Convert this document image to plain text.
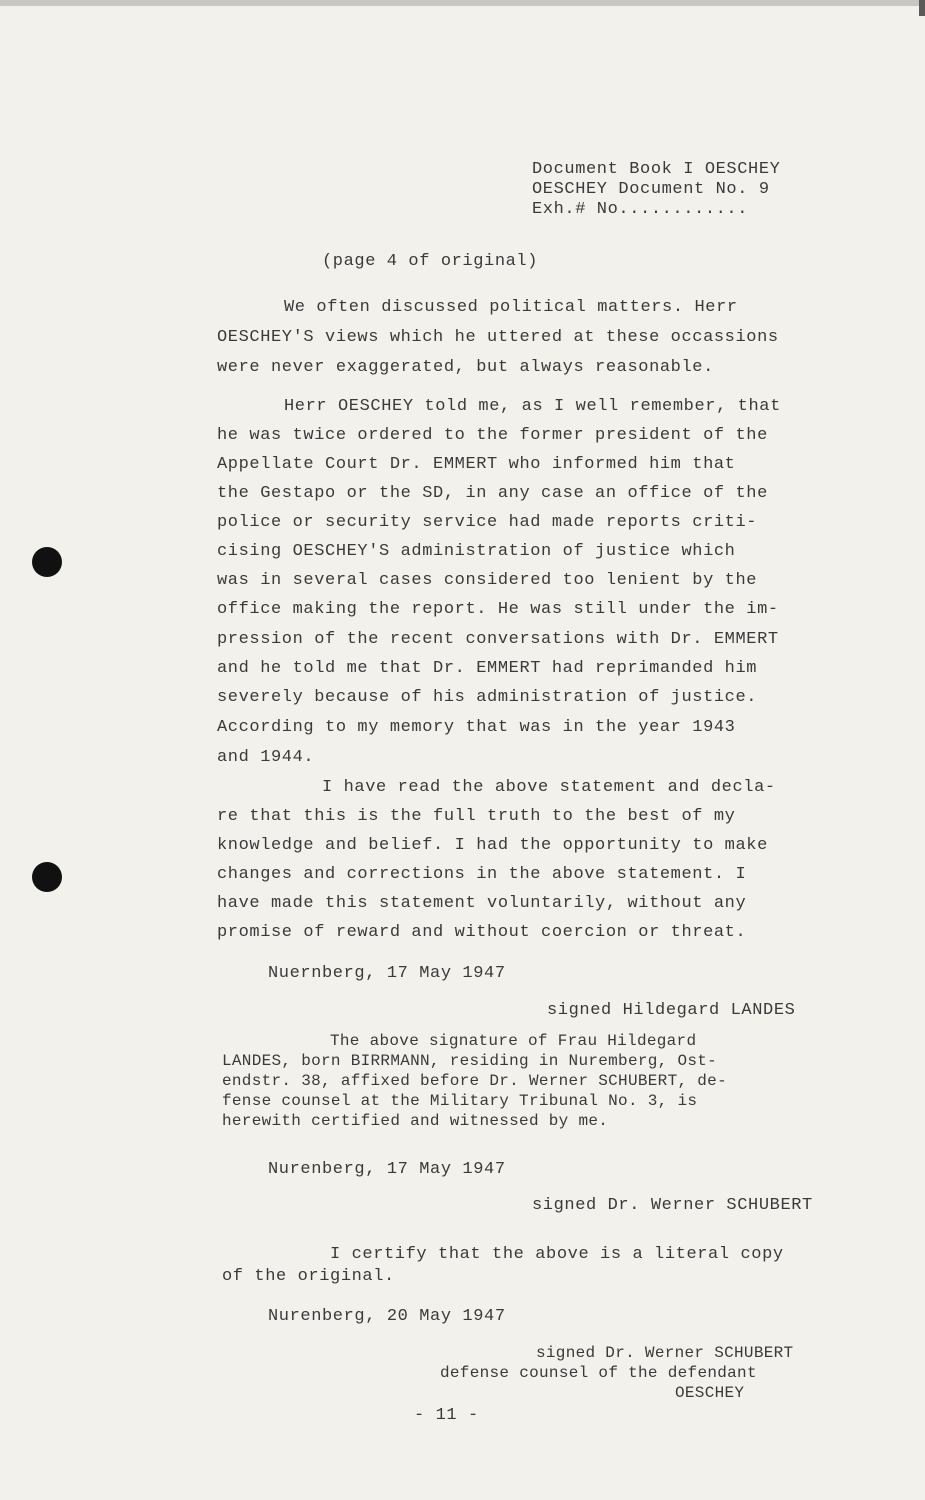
Document Book I OESCHEY
OESCHEY Document No. 9
Exh.# No............
(page 4 of original)
We often discussed political matters. Herr
OESCHEY'S views which he uttered at these occassions
were never exaggerated, but always reasonable.
Herr OESCHEY told me, as I well remember, that
he was twice ordered to the former president of the
Appellate Court Dr. EMMERT who informed him that
the Gestapo or the SD, in any case an office of the
police or security service had made reports criti-
cising OESCHEY'S administration of justice which
was in several cases considered too lenient by the
office making the report. He was still under the im-
pression of the recent conversations with Dr. EMMERT
and he told me that Dr. EMMERT had reprimanded him
severely because of his administration of justice.
According to my memory that was in the year 1943
and 1944.
I have read the above statement and decla-
re that this is the full truth to the best of my
knowledge and belief. I had the opportunity to make
changes and corrections in the above statement. I
have made this statement voluntarily, without any
promise of reward and without coercion or threat.
Nuernberg, 17 May 1947
signed Hildegard LANDES
The above signature of Frau Hildegard
LANDES, born BIRRMANN, residing in Nuremberg, Ost-
endstr. 38, affixed before Dr. Werner SCHUBERT, de-
fense counsel at the Military Tribunal No. 3, is
herewith certified and witnessed by me.
Nurenberg, 17 May 1947
signed Dr. Werner SCHUBERT
I certify that the above is a literal copy
of the original.
Nurenberg, 20 May 1947
signed Dr. Werner SCHUBERT
defense counsel of the defendant
OESCHEY
- 11 -
